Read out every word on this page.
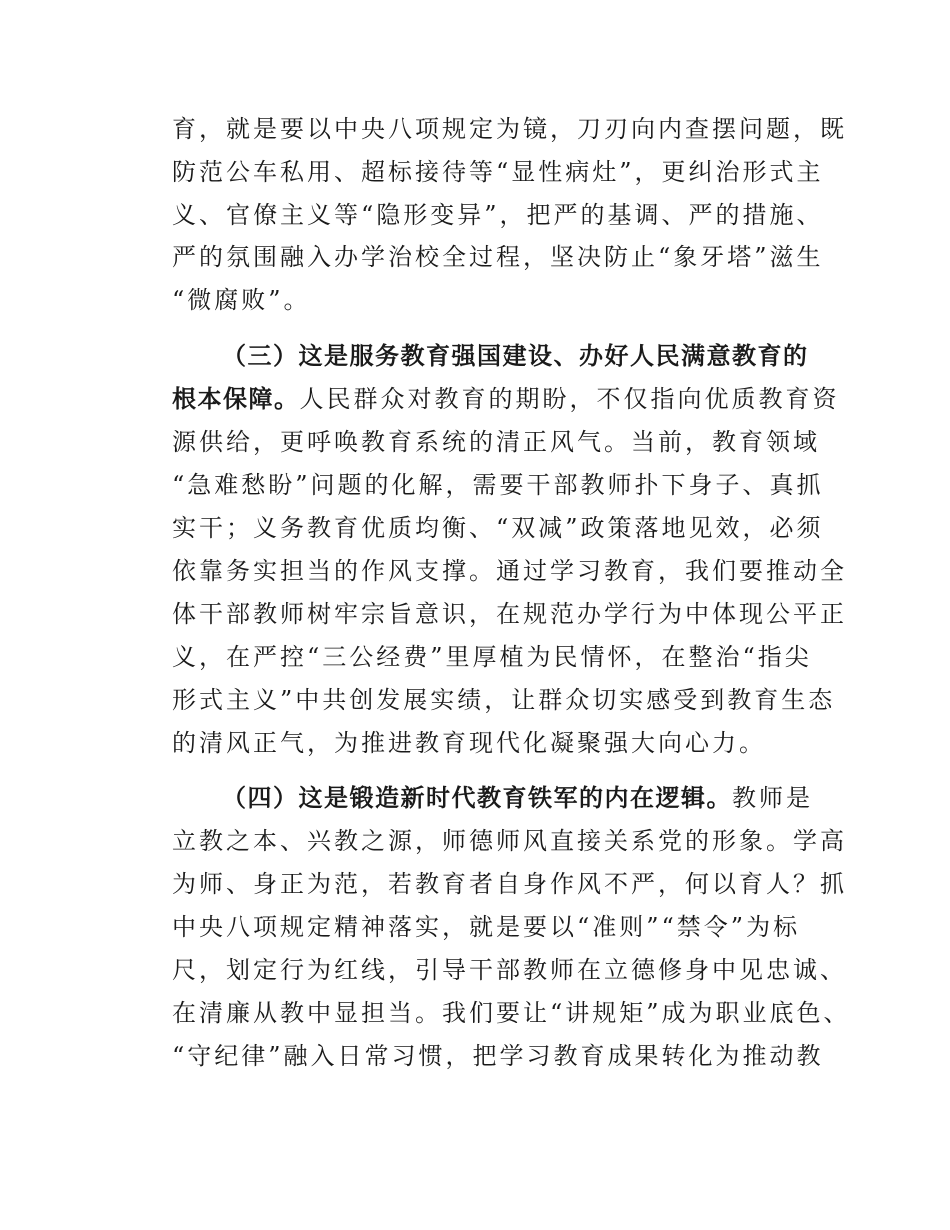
育，就是要以中央八项规定为镜，刀刃向内查摆问题，既
防范公车私用、超标接待等“显性病灶”，更纠治形式主
义、官僚主义等“隐形变异”，把严的基调、严的措施、
严的氛围融入办学治校全过程，坚决防止“象牙塔”滋生
“微腐败”。
（三）这是服务教育强国建设、办好人民满意教育的
根本保障。人民群众对教育的期盼，不仅指向优质教育资
源供给，更呼唤教育系统的清正风气。当前，教育领域
“急难愁盼”问题的化解，需要干部教师扑下身子、真抓
实干；义务教育优质均衡、“双减”政策落地见效，必须
依靠务实担当的作风支撑。通过学习教育，我们要推动全
体干部教师树牢宗旨意识，在规范办学行为中体现公平正
义，在严控“三公经费”里厚植为民情怀，在整治“指尖
形式主义”中共创发展实绩，让群众切实感受到教育生态
的清风正气，为推进教育现代化凝聚强大向心力。
（四）这是锻造新时代教育铁军的内在逻辑。教师是
立教之本、兴教之源，师德师风直接关系党的形象。学高
为师、身正为范，若教育者自身作风不严，何以育人？抓
中央八项规定精神落实，就是要以“准则”“禁令”为标
尺，划定行为红线，引导干部教师在立德修身中见忠诚、
在清廉从教中显担当。我们要让“讲规矩”成为职业底色、
“守纪律”融入日常习惯，把学习教育成果转化为推动教
